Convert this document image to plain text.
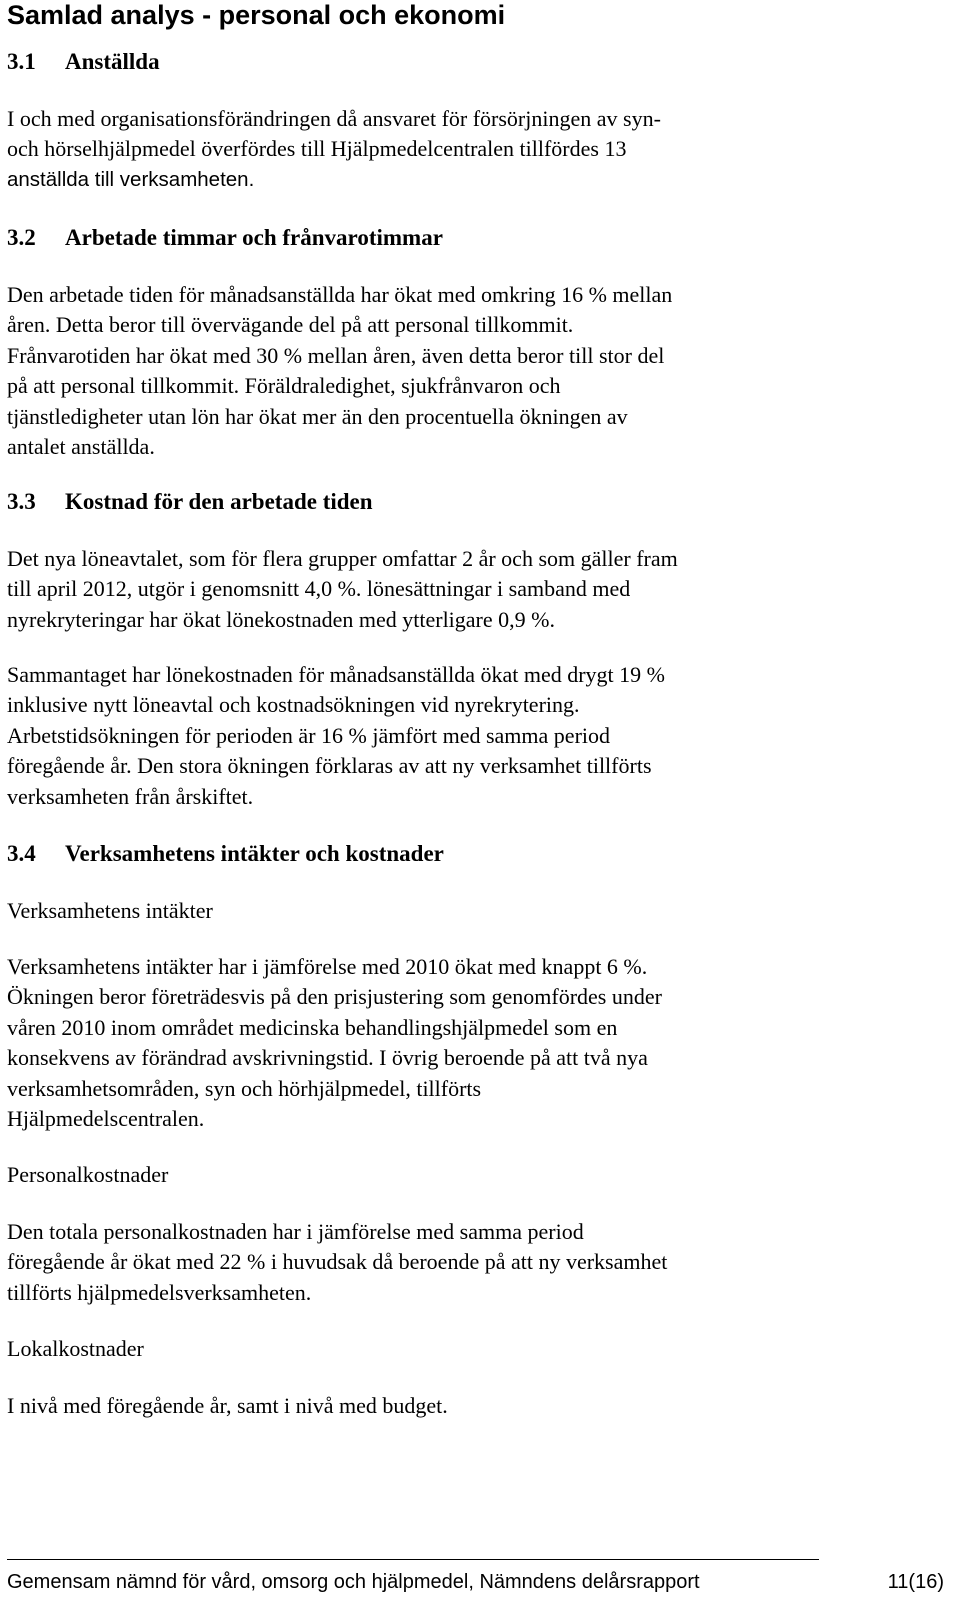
Samlad analys - personal och ekonomi
3.1 Anställda
I och med organisationsförändringen då ansvaret för försörjningen av syn-
och hörselhjälpmedel överfördes till Hjälpmedelcentralen tillfördes 13
anställda till verksamheten.
3.2 Arbetade timmar och frånvarotimmar
Den arbetade tiden för månadsanställda har ökat med omkring 16 % mellan
åren. Detta beror till övervägande del på att personal tillkommit.
Frånvarotiden har ökat med 30 % mellan åren, även detta beror till stor del
på att personal tillkommit. Föräldraledighet, sjukfrånvaron och
tjänstledigheter utan lön har ökat mer än den procentuella ökningen av
antalet anställda.
3.3 Kostnad för den arbetade tiden
Det nya löneavtalet, som för flera grupper omfattar 2 år och som gäller fram
till april 2012, utgör i genomsnitt 4,0 %. lönesättningar i samband med
nyrekryteringar har ökat lönekostnaden med ytterligare 0,9 %.
Sammantaget har lönekostnaden för månadsanställda ökat med drygt 19 %
inklusive nytt löneavtal och kostnadsökningen vid nyrekrytering.
Arbetstidsökningen för perioden är 16 % jämfört med samma period
föregående år. Den stora ökningen förklaras av att ny verksamhet tillförts
verksamheten från årskiftet.
3.4 Verksamhetens intäkter och kostnader
Verksamhetens intäkter
Verksamhetens intäkter har i jämförelse med 2010 ökat med knappt 6 %.
Ökningen beror företrädesvis på den prisjustering som genomfördes under
våren 2010 inom området medicinska behandlingshjälpmedel som en
konsekvens av förändrad avskrivningstid. I övrig beroende på att två nya
verksamhetsområden, syn och hörhjälpmedel, tillförts
Hjälpmedelscentralen.
Personalkostnader
Den totala personalkostnaden har i jämförelse med samma period
föregående år ökat med 22 % i huvudsak då beroende på att ny verksamhet
tillförts hjälpmedelsverksamheten.
Lokalkostnader
I nivå med föregående år, samt i nivå med budget.
Gemensam nämnd för vård, omsorg och hjälpmedel, Nämndens delårsrapport	11(16)
